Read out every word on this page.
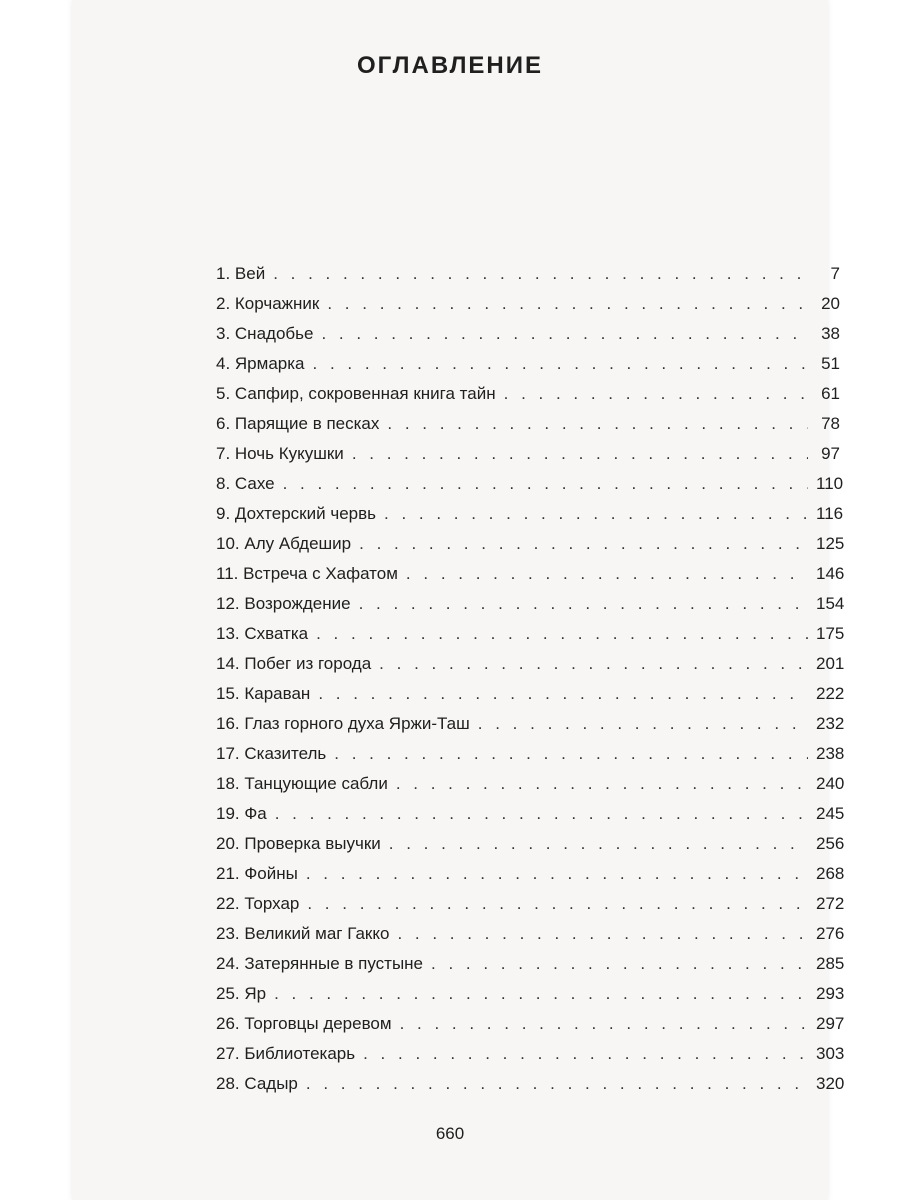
ОГЛАВЛЕНИЕ
1. Вей . . .	7
2. Корчажник . . .	20
3. Снадобье . . .	38
4. Ярмарка . . .	51
5. Сапфир, сокровенная книга тайн . . .	61
6. Парящие в песках . . .	78
7. Ночь Кукушки . . .	97
8. Сахе . . .	110
9. Дохтерский червь . . .	116
10. Алу Абдешир . . .	125
11. Встреча с Хафатом . . .	146
12. Возрождение . . .	154
13. Схватка . . .	175
14. Побег из города . . .	201
15. Караван . . .	222
16. Глаз горного духа Яржи-Таш . . .	232
17. Сказитель . . .	238
18. Танцующие сабли . . .	240
19. Фа . . .	245
20. Проверка выучки . . .	256
21. Фойны . . .	268
22. Торхар . . .	272
23. Великий маг Гакко . . .	276
24. Затерянные в пустыне . . .	285
25. Яр . . .	293
26. Торговцы деревом . . .	297
27. Библиотекарь . . .	303
28. Садыр . . .	320
660
